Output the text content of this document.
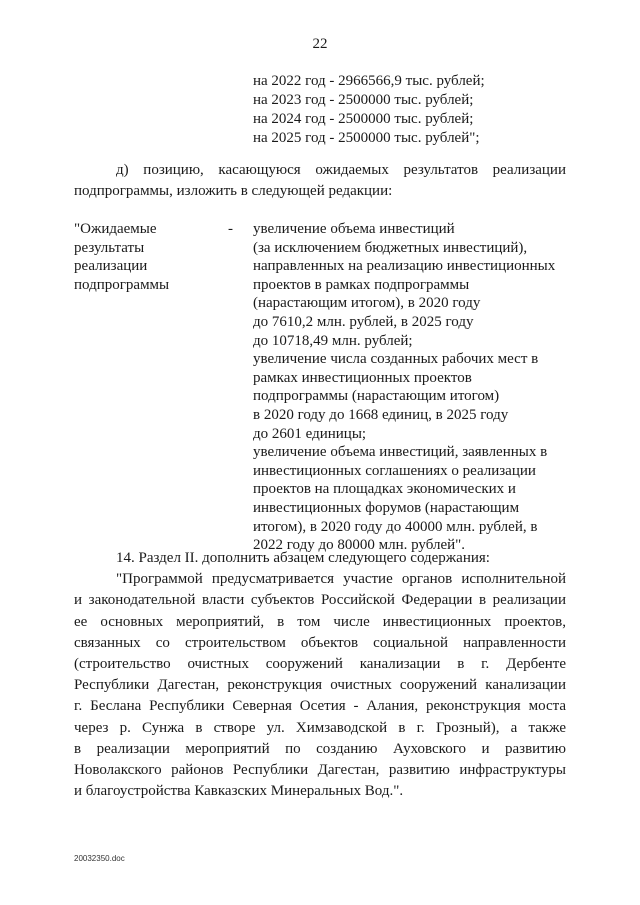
22
на 2022 год - 2966566,9 тыс. рублей;
на 2023 год - 2500000 тыс. рублей;
на 2024 год - 2500000 тыс. рублей;
на 2025 год - 2500000 тыс. рублей";
д) позицию, касающуюся ожидаемых результатов реализации
подпрограммы, изложить в следующей редакции:
"Ожидаемые
результаты
реализации
подпрограммы
- увеличение объема инвестиций
(за исключением бюджетных инвестиций),
направленных на реализацию инвестиционных
проектов в рамках подпрограммы
(нарастающим итогом), в 2020 году
до 7610,2 млн. рублей, в 2025 году
до 10718,49 млн. рублей;
увеличение числа созданных рабочих мест в
рамках инвестиционных проектов
подпрограммы (нарастающим итогом)
в 2020 году до 1668 единиц, в 2025 году
до 2601 единицы;
увеличение объема инвестиций, заявленных в
инвестиционных соглашениях о реализации
проектов на площадках экономических и
инвестиционных форумов (нарастающим
итогом), в 2020 году до 40000 млн. рублей, в
2022 году до 80000 млн. рублей".
14. Раздел II. дополнить абзацем следующего содержания:
"Программой предусматривается участие органов исполнительной
и законодательной власти субъектов Российской Федерации в реализации
ее основных мероприятий, в том числе инвестиционных проектов,
связанных со строительством объектов социальной направленности
(строительство очистных сооружений канализации в г. Дербенте
Республики Дагестан, реконструкция очистных сооружений канализации
г. Беслана Республики Северная Осетия - Алания, реконструкция моста
через р. Сунжа в створе ул. Химзаводской в г. Грозный), а также
в реализации мероприятий по созданию Ауховского и развитию
Новолакского районов Республики Дагестан, развитию инфраструктуры
и благоустройства Кавказских Минеральных Вод.".
20032350.doc
